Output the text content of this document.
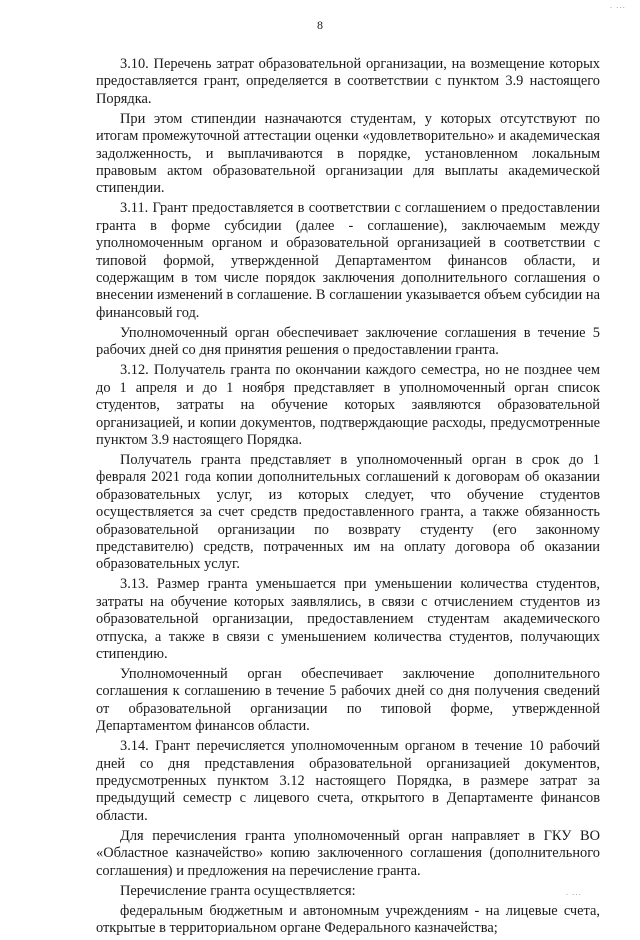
· ···
8

3.10. Перечень затрат образовательной организации, на возмещение которых предоставляется грант, определяется в соответствии с пунктом 3.9 настоящего Порядка.

При этом стипендии назначаются студентам, у которых отсутствуют по итогам промежуточной аттестации оценки «удовлетворительно» и академическая задолженность, и выплачиваются в порядке, установленном локальным правовым актом образовательной организации для выплаты академической стипендии.

3.11. Грант предоставляется в соответствии с соглашением о предоставлении гранта в форме субсидии (далее - соглашение), заключаемым между уполномоченным органом и образовательной организацией в соответствии с типовой формой, утвержденной Департаментом финансов области, и содержащим в том числе порядок заключения дополнительного соглашения о внесении изменений в соглашение. В соглашении указывается объем субсидии на финансовый год.

Уполномоченный орган обеспечивает заключение соглашения в течение 5 рабочих дней со дня принятия решения о предоставлении гранта.

3.12. Получатель гранта по окончании каждого семестра, но не позднее чем до 1 апреля и до 1 ноября представляет в уполномоченный орган список студентов, затраты на обучение которых заявляются образовательной организацией, и копии документов, подтверждающие расходы, предусмотренные пунктом 3.9 настоящего Порядка.

Получатель гранта представляет в уполномоченный орган в срок до 1 февраля 2021 года копии дополнительных соглашений к договорам об оказании образовательных услуг, из которых следует, что обучение студентов осуществляется за счет средств предоставленного гранта, а также обязанность образовательной организации по возврату студенту (его законному представителю) средств, потраченных им на оплату договора об оказании образовательных услуг.

3.13. Размер гранта уменьшается при уменьшении количества студентов, затраты на обучение которых заявлялись, в связи с отчислением студентов из образовательной организации, предоставлением студентам академического отпуска, а также в связи с уменьшением количества студентов, получающих стипендию.

Уполномоченный орган обеспечивает заключение дополнительного соглашения к соглашению в течение 5 рабочих дней со дня получения сведений от образовательной организации по типовой форме, утвержденной Департаментом финансов области.

3.14. Грант перечисляется уполномоченным органом в течение 10 рабочий дней со дня представления образовательной организацией документов, предусмотренных пунктом 3.12 настоящего Порядка, в размере затрат за предыдущий семестр с лицевого счета, открытого в Департаменте финансов области.

Для перечисления гранта уполномоченный орган направляет в ГКУ ВО «Областное казначейство» копию заключенного соглашения (дополнительного соглашения) и предложения на перечисление гранта.

Перечисление гранта осуществляется:

федеральным бюджетным и автономным учреждениям - на лицевые счета, открытые в территориальном органе Федерального казначейства;

· ···
